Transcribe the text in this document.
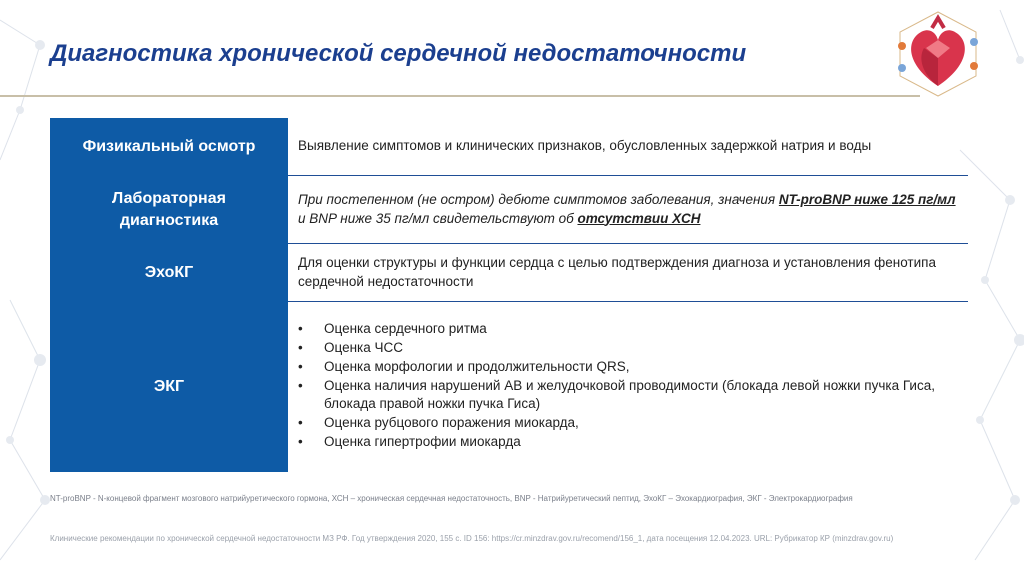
Диагностика хронической сердечной недостаточности
Физикальный осмотр	Выявление симптомов и клинических признаков, обусловленных задержкой натрия и воды
Лабораторная диагностика
При постепенном (не остром) дебюте симптомов заболевания, значения NT-proBNP ниже 125 пг/мл и BNP ниже 35 пг/мл свидетельствуют об отсутствии ХСН
ЭхоКГ
Для оценки структуры и функции сердца с целью подтверждения диагноза и установления фенотипа сердечной недостаточности
ЭКГ
• Оценка сердечного ритма
• Оценка ЧСС
• Оценка морфологии и продолжительности QRS,
• Оценка наличия нарушений АВ и желудочковой проводимости (блокада левой ножки пучка Гиса, блокада правой ножки пучка Гиса)
• Оценка рубцового поражения миокарда,
• Оценка гипертрофии миокарда
NT-proBNP - N-концевой фрагмент мозгового натрийуретического гормона, ХСН – хроническая сердечная недостаточность, BNP - Натрийуретический пептид, ЭхоКГ – Эхокардиография, ЭКГ - Электрокардиография
Клинические рекомендации по хронической сердечной недостаточности МЗ РФ. Год утверждения 2020, 155 с. ID 156: https://cr.minzdrav.gov.ru/recomend/156_1, дата посещения 12.04.2023. URL: Рубрикатор КР (minzdrav.gov.ru)
